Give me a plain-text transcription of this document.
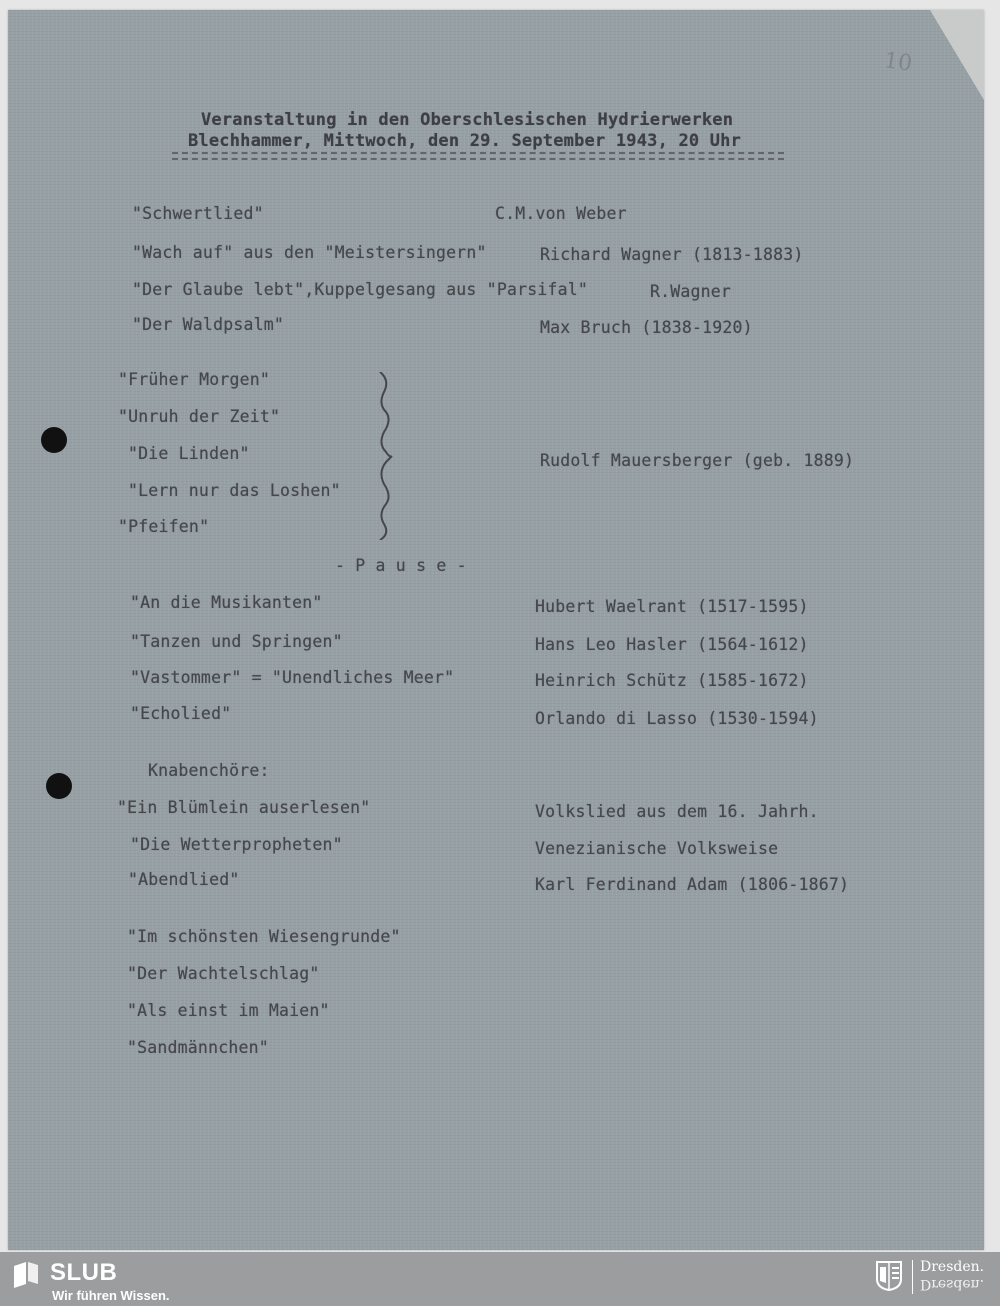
10
Veranstaltung in den Oberschlesischen Hydrierwerken
Blechhammer, Mittwoch, den 29. September 1943, 20 Uhr
"Schwertlied"	C.M.von Weber
"Wach auf" aus den "Meistersingern"	Richard Wagner (1813-1883)
"Der Glaube lebt",Kuppelgesang aus "Parsifal"	R.Wagner
"Der Waldpsalm"	Max Bruch (1838-1920)
"Früher Morgen"
"Unruh der Zeit"
"Die Linden"
"Lern nur das Loshen"
"Pfeifen"
Rudolf Mauersberger (geb. 1889)
- P a u s e -
"An die Musikanten"	Hubert Waelrant (1517-1595)
"Tanzen und Springen"	Hans Leo Hasler (1564-1612)
"Vastommer" = "Unendliches Meer"	Heinrich Schütz (1585-1672)
"Echolied"	Orlando di Lasso (1530-1594)
Knabenchöre:
"Ein Blümlein auserlesen"	Volkslied aus dem 16. Jahrh.
"Die Wetterpropheten"	Venezianische Volksweise
"Abendlied"	Karl Ferdinand Adam (1806-1867)
"Im schönsten Wiesengrunde"
"Der Wachtelschlag"
"Als einst im Maien"
"Sandmännchen"
SLUB
Wir führen Wissen.
Dresden.
Dresden.
